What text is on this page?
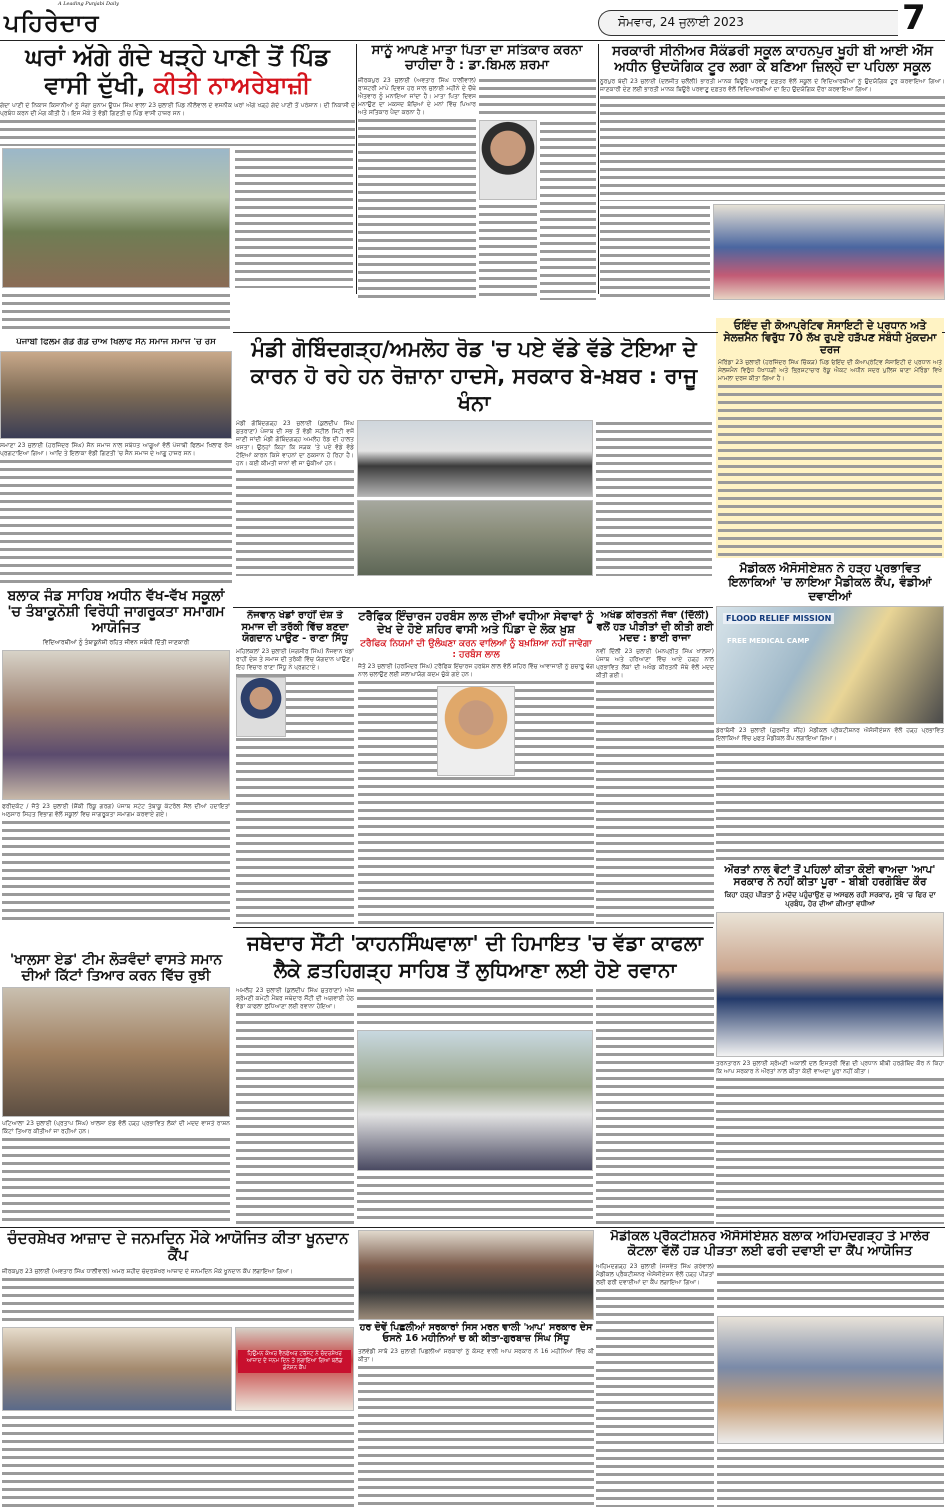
ਪਹਿਰੇਦਾਰ
A Leading Punjabi Daily
ਸੋਮਵਾਰ, 24 ਜੁਲਾਈ 2023	7
ਘਰਾਂ ਅੱਗੇ ਗੰਦੇ ਖੜ੍ਹੇ ਪਾਣੀ ਤੋਂ ਪਿੰਡ
ਵਾਸੀ ਦੁੱਖੀ, ਕੀਤੀ ਨਾਅਰੇਬਾਜ਼ੀ

ਗੰਦਾ ਪਾਣੀ ਦੇ ਨਿਕਾਸ ਕਿਸਾਨੀਆਂ ਨੂੰ ਸੰਗਾ ਸੁਨਾਮ ਊਧਮ ਸਿੰਘ ਵਾਲਾ 23 ਜੁਲਾਈ ਪਿੰਡ ਨੀਲੋਵਾਲ ਦੇ ਵਸਨੀਕ ਘਰਾਂ ਅੱਗੇ ਖੜ੍ਹੇ ਗੰਦੇ ਪਾਣੀ ਤੋਂ ਪਰੇਸ਼ਾਨ। ਦੀ ਨਿਕਾਸੀ ਦੇ ਪ੍ਰਬੰਧ ਕਰਨ ਦੀ ਮੰਗ ਕੀਤੀ ਹੈ। ਇਸ ਮੌਕੇ ਤੇ ਵੱਡੀ ਗਿਣਤੀ ਚ ਪਿੰਡ ਵਾਸੀ ਹਾਜ਼ਰ ਸਨ।

ਪੰਜਾਬੀ ਫਿਲਮ ਗੱਡੇ ਗੱਡੇ ਚਾਅ ਖਿਲਾਫ ਸੈਨ ਸਮਾਜ ਸਮਾਜ 'ਚ ਰੋਸ

ਸਮਾਣਾ 23 ਜੁਲਾਈ (ਹਰਜਿੰਦਰ ਸਿੰਘ) ਸੈਨ ਸਮਾਜ ਨਾਲ ਸਬੰਧਤ ਆਗੂਆਂ ਵੱਲੋਂ ਪੰਜਾਬੀ ਫਿਲਮ ਖਿਲਾਫ ਰੋਸ ਪ੍ਰਗਟਾਇਆ ਗਿਆ। ਆਦਿ ਤੇ ਇਲਾਕਾ ਵੱਡੀ ਗਿਣਤੀ 'ਚ ਸੈਨ ਸਮਾਜ ਦੇ ਆਗੂ ਹਾਜ਼ਰ ਸਨ।

ਬਲਾਕ ਜੰਡ ਸਾਹਿਬ ਅਧੀਨ ਵੱਖ-ਵੱਖ ਸਕੂਲਾਂ 'ਚ ਤੰਬਾਕੂਨੋਸ਼ੀ ਵਿਰੋਧੀ ਜਾਗਰੂਕਤਾ ਸਮਾਗਮ ਆਯੋਜਿਤ
ਵਿਦਿਆਰਥੀਆਂ ਨੂੰ ਤੰਬਾਕੂਨੋਸ਼ੀ ਰਹਿਤ ਜੀਵਨ ਸਬੰਧੀ ਦਿੱਤੀ ਜਾਣਕਾਰੀ

ਫਰੀਦਕੋਟ / ਜੈਤੋ 23 ਜੁਲਾਈ (ਸ਼ੈਂਕੀ ਰਿੰਕੂ ਗਰਗ) ਪੰਜਾਬ ਸਟੇਟ ਤੰਬਾਕੂ ਕੰਟਰੋਲ ਸੈਲ ਦੀਆਂ ਹਦਾਇਤਾਂ ਅਨੁਸਾਰ ਸਿਹਤ ਵਿਭਾਗ ਵੱਲੋਂ ਸਕੂਲਾਂ ਵਿਚ ਜਾਗਰੂਕਤਾ ਸਮਾਗਮ ਕਰਵਾਏ ਗਏ।

'ਖਾਲਸਾ ਏਡ' ਟੀਮ ਲੋੜਵੰਦਾਂ ਵਾਸਤੇ ਸਮਾਨ ਦੀਆਂ ਕਿੱਟਾਂ ਤਿਆਰ ਕਰਨ ਵਿੱਚ ਰੁਝੀ

ਪਟਿਆਲਾ 23 ਜੁਲਾਈ (ਪ੍ਰਤਾਪ ਸਿੰਘ) ਖਾਲਸਾ ਏਡ ਵੱਲੋਂ ਹੜ੍ਹ ਪ੍ਰਭਾਵਿਤ ਲੋਕਾਂ ਦੀ ਮਦਦ ਵਾਸਤੇ ਰਾਸ਼ਨ ਕਿੱਟਾਂ ਤਿਆਰ ਕੀਤੀਆਂ ਜਾ ਰਹੀਆਂ ਹਨ।

ਸਾਨੂੰ ਆਪਣੇ ਮਾਤਾ ਪਿਤਾ ਦਾ ਸਤਿਕਾਰ ਕਰਨਾ ਚਾਹੀਦਾ ਹੈ : ਡਾ.ਬਿਮਲ ਸ਼ਰਮਾ

ਜ਼ੀਰਕਪੁਰ 23 ਜੁਲਾਈ (ਅਵਤਾਰ ਸਿੰਘ ਧਾਲੀਵਾਲ) ਰਾਸ਼ਟਰੀ ਮਾਪੇ ਦਿਵਸ ਹਰ ਸਾਲ ਜੁਲਾਈ ਮਹੀਨੇ ਦੇ ਚੌਥੇ ਐਤਵਾਰ ਨੂੰ ਮਨਾਇਆ ਜਾਂਦਾ ਹੈ। ਮਾਤਾ ਪਿਤਾ ਦਿਵਸ ਮਨਾਉਣ ਦਾ ਮਕਸਦ ਬੱਚਿਆਂ ਦੇ ਮਨਾਂ ਵਿੱਚ ਪਿਆਰ ਅਤੇ ਸਤਿਕਾਰ ਪੈਦਾ ਕਰਨਾ ਹੈ।

ਸਰਕਾਰੀ ਸੀਨੀਅਰ ਸੈਕੰਡਰੀ ਸਕੂਲ ਕਾਹਨਪੁਰ ਖੂਹੀ ਬੀ ਆਈ ਐੱਸ ਅਧੀਨ ਉਦਯੋਗਿਕ ਟੂਰ ਲਗਾ ਕੇ ਬਣਿਆ ਜ਼ਿਲ੍ਹੇ ਦਾ ਪਹਿਲਾ ਸਕੂਲ

ਨੂਰਪੁਰ ਬੇਦੀ 23 ਜੁਲਾਈ (ਦਲਜੀਤ ਚਲੌਲੀ) ਭਾਰਤੀ ਮਾਨਕ ਬਿਊਰੋ ਪਰਵਾਣੂ ਦਫ਼ਤਰ ਵੱਲੋਂ ਸਕੂਲ ਦੇ ਵਿਦਿਆਰਥੀਆਂ ਨੂੰ ਉਦਯੋਗਿਕ ਟੂਰ ਕਰਵਾਇਆ ਗਿਆ। ਜਾਣਕਾਰੀ ਦੇਣ ਲਈ ਭਾਰਤੀ ਮਾਨਕ ਬਿਊਰੋ ਪਰਵਾਣੂ ਦਫ਼ਤਰ ਵੱਲੋਂ ਵਿਦਿਆਰਥੀਆਂ ਦਾ ਇਹ ਉਦਯੋਗਿਕ ਦੌਰਾ ਕਰਵਾਇਆ ਗਿਆ।

ਮੰਡੀ ਗੋਬਿੰਦਗੜ੍ਹ/ਅਮਲੋਹ ਰੋਡ 'ਚ ਪਏ ਵੱਡੇ ਵੱਡੇ ਟੋਇਆ ਦੇ ਕਾਰਨ ਹੋ ਰਹੇ ਹਨ ਰੋਜ਼ਾਨਾ ਹਾਦਸੇ, ਸਰਕਾਰ ਬੇ-ਖ਼ਬਰ : ਰਾਜੂ ਖੰਨਾ

ਮੰਡੀ ਗੋਬਿੰਦਗੜ੍ਹ 23 ਜੁਲਾਈ (ਕੁਲਦੀਪ ਸਿੰਘ ਸ਼ੁਤਰਾਣਾ) ਪੰਜਾਬ ਦੀ ਸਭ ਤੋਂ ਵੱਡੀ ਸਟੀਲ ਸਿਟੀ ਵਜੋਂ ਜਾਣੀ ਜਾਂਦੀ ਮੰਡੀ ਗੋਬਿੰਦਗੜ੍ਹ ਅਮਲੋਹ ਰੋਡ ਦੀ ਹਾਲਤ ਖਸਤਾ। ਉਨ੍ਹਾਂ ਕਿਹਾ ਕਿ ਸੜਕ 'ਤੇ ਪਏ ਵੱਡੇ ਵੱਡੇ ਟੋਇਆਂ ਕਾਰਨ ਕਿਸੇ ਵਾਹਨਾਂ ਦਾ ਨੁਕਸਾਨ ਹੋ ਰਿਹਾ ਹੈ। ਹਨ। ਕਈ ਕੀਮਤੀ ਜਾਨਾਂ ਵੀ ਜਾ ਚੁੱਕੀਆਂ ਹਨ।

ਓਇੰਦ ਦੀ ਕੋਆਪ੍ਰੇਟਿਵ ਸੋਸਾਇਟੀ ਦੇ ਪ੍ਰਧਾਨ ਅਤੇ ਸੇਲਜ਼ਮੈਨ ਵਿਰੁੱਧ 70 ਲੱਖ ਰੁਪਏ ਹੜੱਪਣ ਸਬੰਧੀ ਮੁੱਕਦਮਾ ਦਰਜ

ਮੋਰਿੰਡਾ 23 ਜੁਲਾਈ (ਹਰਜਿੰਦਰ ਸਿੰਘ ਚਿੱਕੜ) ਪਿੰਡ ਓਇੰਦ ਦੀ ਕੋਆਪ੍ਰੇਟਿਵ ਸੋਸਾਇਟੀ ਦੇ ਪ੍ਰਧਾਨ ਅਤੇ ਸੇਲਜ਼ਮੈਨ ਵਿਰੁੱਧ ਧੋਖਾਧੜੀ ਅਤੇ ਭ੍ਰਿਸ਼ਟਾਚਾਰ ਰੋਕੂ ਐਕਟ ਅਧੀਨ ਸਦਰ ਪੁਲਿਸ ਥਾਣਾ ਮੋਰਿੰਡਾ ਵਿਖੇ ਮਾਮਲਾ ਦਰਜ ਕੀਤਾ ਗਿਆ ਹੈ।

ਮੈਡੀਕਲ ਐਸੋਸੀਏਸ਼ਨ ਨੇ ਹੜ੍ਹ ਪ੍ਰਭਾਵਿਤ ਇਲਾਕਿਆਂ 'ਚ ਲਾਇਆ ਮੈਡੀਕਲ ਕੈਂਪ, ਵੰਡੀਆਂ ਦਵਾਈਆਂ
FLOOD RELIEF MISSION
FREE MEDICAL CAMP

ਡੇਰਾਬੱਸੀ 23 ਜੁਲਾਈ (ਗੁਰਜੀਤ ਸ਼ੀਂਹ) ਮੈਡੀਕਲ ਪ੍ਰੈਕਟੀਸ਼ਨਰ ਐਸੋਸੀਏਸ਼ਨ ਵੱਲੋਂ ਹੜ੍ਹ ਪ੍ਰਭਾਵਿਤ ਇਲਾਕਿਆਂ ਵਿੱਚ ਮੁਫਤ ਮੈਡੀਕਲ ਕੈਂਪ ਲਗਾਇਆ ਗਿਆ।

ਔਰਤਾਂ ਨਾਲ ਵੋਟਾਂ ਤੋਂ ਪਹਿਲਾਂ ਕੀਤਾ ਕੋਈ ਵਾਅਦਾ 'ਆਪ' ਸਰਕਾਰ ਨੇ ਨਹੀਂ ਕੀਤਾ ਪੂਰਾ - ਬੀਬੀ ਹਰਗੋਬਿੰਦ ਕੌਰ
ਕਿਹਾ ਹੜ੍ਹ ਪੀੜਤਾਂ ਨੂੰ ਮਦੱਦ ਪਹੁੰਚਾਉਣ ਚ ਅਸਫਲ ਰਹੀ ਸਰਕਾਰ, ਸੂਬੇ 'ਚ ਫਿਰ ਦਾ ਪ੍ਰਬੰਧ, ਹੋਰ ਦੀਆਂ ਕੀਮਤਾਂ ਵਧੀਆਂ

ਤਰਨਤਾਰਨ 23 ਜੁਲਾਈ ਸ਼੍ਰੋਮਣੀ ਅਕਾਲੀ ਦਲ ਇਸਤਰੀ ਵਿੰਗ ਦੀ ਪ੍ਰਧਾਨ ਬੀਬੀ ਹਰਗੋਬਿੰਦ ਕੌਰ ਨੇ ਕਿਹਾ ਕਿ ਆਪ ਸਰਕਾਰ ਨੇ ਔਰਤਾਂ ਨਾਲ ਕੀਤਾ ਕੋਈ ਵਾਅਦਾ ਪੂਰਾ ਨਹੀਂ ਕੀਤਾ।

ਨੌਜਵਾਨ ਖੇਡਾਂ ਰਾਹੀਂ ਦੇਸ਼ ਤੇ ਸਮਾਜ ਦੀ ਤਰੱਕੀ ਵਿੱਚ ਬਣਦਾ ਯੋਗਦਾਨ ਪਾਉਣ - ਰਾਣਾ ਸਿੱਧੂ

ਮਹਿਲਕਲਾਂ 23 ਜੁਲਾਈ (ਜਗਸੀਰ ਸਿੰਘ) ਨੌਜਵਾਨ ਖੇਡਾਂ ਰਾਹੀਂ ਦੇਸ਼ ਤੇ ਸਮਾਜ ਦੀ ਤਰੱਕੀ ਵਿੱਚ ਯੋਗਦਾਨ ਪਾਉਣ। ਇਹ ਵਿਚਾਰ ਰਾਣਾ ਸਿੱਧੂ ਨੇ ਪ੍ਰਗਟਾਏ।

ਟਰੈਫਿਕ ਇੰਚਾਰਜ ਹਰਬੰਸ ਲਾਲ ਦੀਆਂ ਵਧੀਆ ਸੇਵਾਵਾਂ ਨੂੰ ਦੇਖ ਦੇ ਹੋਏ ਸ਼ਹਿਰ ਵਾਸੀ ਅਤੇ ਪਿੰਡਾ ਦੇ ਲੋਕ ਖ਼ੁਸ਼
ਟਰੈਫਿਕ ਨਿਯਮਾਂ ਦੀ ਉਲੰਘਣਾ ਕਰਨ ਵਾਲਿਆਂ ਨੂੰ ਬਖ਼ਸ਼ਿਆ ਨਹੀਂ ਜਾਵੇਗਾ : ਹਰਬੰਸ ਲਾਲ

ਜੈਤੋ 23 ਜੁਲਾਈ (ਹਰਮਿੰਦਰ ਸਿੰਘ) ਟਰੈਫਿਕ ਇੰਚਾਰਜ ਹਰਬੰਸ ਲਾਲ ਵੱਲੋਂ ਸ਼ਹਿਰ ਵਿੱਚ ਆਵਾਜਾਈ ਨੂੰ ਸੁਚਾਰੂ ਢੰਗ ਨਾਲ ਚਲਾਉਣ ਲਈ ਸ਼ਲਾਘਾਯੋਗ ਕਦਮ ਚੁੱਕੇ ਗਏ ਹਨ।

ਅਖੰਡ ਕੀਰਤਨੀ ਜੱਥਾ (ਦਿੱਲੀ) ਵਲੋਂ ਹੜ ਪੀੜੀਤਾਂ ਦੀ ਕੀਤੀ ਗਈ ਮਦਦ : ਭਾਈ ਰਾਜਾ

ਨਵੀਂ ਦਿੱਲੀ 23 ਜੁਲਾਈ (ਮਨਪ੍ਰੀਤ ਸਿੰਘ ਖਾਲਸਾ) ਪੰਜਾਬ ਅਤੇ ਹਰਿਆਣਾ ਵਿੱਚ ਆਏ ਹੜ੍ਹ ਨਾਲ ਪ੍ਰਭਾਵਿਤ ਲੋਕਾਂ ਦੀ ਅਖੰਡ ਕੀਰਤਨੀ ਜੱਥੇ ਵੱਲੋਂ ਮਦਦ ਕੀਤੀ ਗਈ।

ਜਥੇਦਾਰ ਸੌਂਟੀ 'ਕਾਹਨਸਿੰਘਵਾਲਾ' ਦੀ ਹਿਮਾਇਤ 'ਚ ਵੱਡਾ ਕਾਫਲਾ ਲੈਕੇ ਫ਼ਤਹਿਗੜ੍ਹ ਸਾਹਿਬ ਤੋਂ ਲੁਧਿਆਣਾ ਲਈ ਹੋਏ ਰਵਾਨਾ

ਅਮਲੋਹ 23 ਜੁਲਾਈ (ਕੁਲਦੀਪ ਸਿੰਘ ਸ਼ੁਤਰਾਣਾ) ਅੱਜ ਸ਼੍ਰੋਮਣੀ ਕਮੇਟੀ ਮੈਂਬਰ ਜਥੇਦਾਰ ਸੌਂਟੀ ਦੀ ਅਗਵਾਈ ਹੇਠ ਵੱਡਾ ਕਾਫਲਾ ਲੁਧਿਆਣਾ ਲਈ ਰਵਾਨਾ ਹੋਇਆ।

ਚੰਦਰਸ਼ੇਖਰ ਆਜ਼ਾਦ ਦੇ ਜਨਮਦਿਨ ਮੌਕੇ ਆਯੋਜਿਤ ਕੀਤਾ ਖੂਨਦਾਨ ਕੈਂਪ

ਜ਼ੀਰਕਪੁਰ 23 ਜੁਲਾਈ (ਅਵਤਾਰ ਸਿੰਘ ਧਾਲੀਵਾਲ) ਅਮਰ ਸ਼ਹੀਦ ਚੰਦਰਸ਼ੇਖਰ ਆਜ਼ਾਦ ਦੇ ਜਨਮਦਿਨ ਮੌਕੇ ਖੂਨਦਾਨ ਕੈਂਪ ਲਗਾਇਆ ਗਿਆ।

ਹਿਉਮਨ ਕੇਅਰ ਵੈਲਫੇਅਰ ਟਰੱਸਟ ਨੇ ਚੰਦਰਸ਼ੇਖਰ ਆਜ਼ਾਦ ਦੇ ਜਨਮ ਦਿਨ ਤੇ ਲਗਾਇਆ ਗਿਆ ਬਲੱਡ ਡੋਨੇਸ਼ਨ ਕੈਂਪ
ਹਰ ਦੋਵੇਂ ਪਿਛਲੀਆਂ ਸਰਕਾਰਾਂ ਸਿਸ ਮਰਨ ਵਾਲੀ 'ਆਪ' ਸਰਕਾਰ ਦੇਸ ਓਸਨੇ 16 ਮਹੀਨਿਆਂ ਚ ਕੀ ਕੀਤਾ-ਗੁਰਬਾਜ਼ ਸਿੰਘ ਸਿੱਧੂ

ਤਲਵੰਡੀ ਸਾਬੋ 23 ਜੁਲਾਈ ਪਿਛਲੀਆਂ ਸਰਕਾਰਾਂ ਨੂੰ ਕੋਸਣ ਵਾਲੀ ਆਪ ਸਰਕਾਰ ਨੇ 16 ਮਹੀਨਿਆਂ ਵਿੱਚ ਕੀ ਕੀਤਾ।

ਮੈਡੀਕਲ ਪ੍ਰੈਕਟੀਸ਼ਨਰ ਐਸੋਸੀਏਸ਼ਨ ਬਲਾਕ ਅਹਿਮਦਗੜ੍ਹ ਤੇ ਮਾਲੇਰ ਕੋਟਲਾ ਵੱਲੋਂ ਹੜ ਪੀੜਤਾ ਲਈ ਫਰੀ ਦਵਾਈ ਦਾ ਕੈਂਪ ਆਯੋਜਿਤ

ਅਹਿਮਦਗੜ੍ਹ 23 ਜੁਲਾਈ (ਜਸਵੰਤ ਸਿੰਘ ਗਰੇਵਾਲ) ਮੈਡੀਕਲ ਪ੍ਰੈਕਟੀਸ਼ਨਰ ਐਸੋਸੀਏਸ਼ਨ ਵੱਲੋਂ ਹੜ੍ਹ ਪੀੜਤਾਂ ਲਈ ਫਰੀ ਦਵਾਈਆਂ ਦਾ ਕੈਂਪ ਲਗਾਇਆ ਗਿਆ।
